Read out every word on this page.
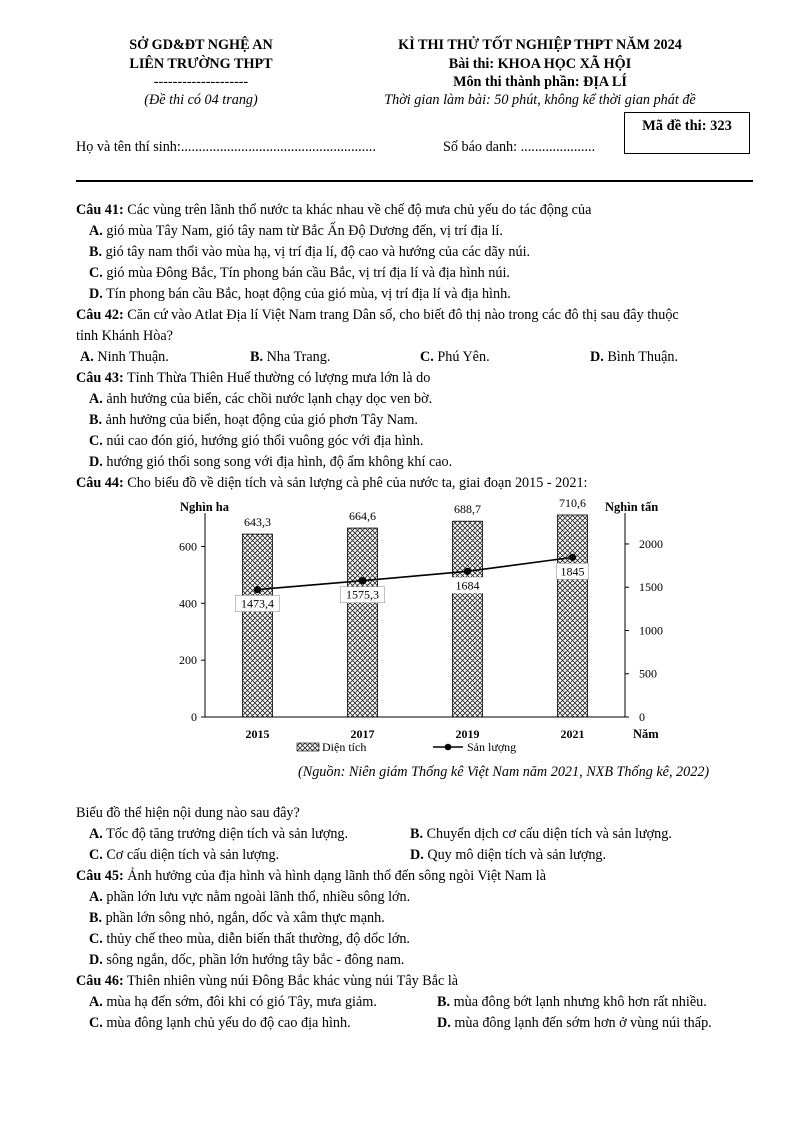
SỞ GD&ĐT NGHỆ AN
LIÊN TRƯỜNG THPT
--------------------
(Đề thi có 04 trang)
KÌ THI THỬ TỐT NGHIỆP THPT NĂM 2024
Bài thi: KHOA HỌC XÃ HỘI
Môn thi thành phần: ĐỊA LÍ
Thời gian làm bài: 50 phút, không kể thời gian phát đề
Mã đề thi: 323
Họ và tên thí sinh:.......................................................	Số báo danh: .....................
Câu 41: Các vùng trên lãnh thổ nước ta khác nhau về chế độ mưa chủ yếu do tác động của
A. gió mùa Tây Nam, gió tây nam từ Bắc Ấn Độ Dương đến, vị trí địa lí.
B. gió tây nam thổi vào mùa hạ, vị trí địa lí, độ cao và hướng của các dãy núi.
C. gió mùa Đông Bắc, Tín phong bán cầu Bắc, vị trí địa lí và địa hình núi.
D. Tín phong bán cầu Bắc, hoạt động của gió mùa, vị trí địa lí và địa hình.
Câu 42: Căn cứ vào Atlat Địa lí Việt Nam trang Dân số, cho biết đô thị nào trong các đô thị sau đây thuộc
tỉnh Khánh Hòa?
A. Ninh Thuận.	B. Nha Trang.	C. Phú Yên.	D. Bình Thuận.
Câu 43: Tỉnh Thừa Thiên Huế thường có lượng mưa lớn là do
A. ảnh hưởng của biển, các chồi nước lạnh chạy dọc ven bờ.
B. ảnh hưởng của biển, hoạt động của gió phơn Tây Nam.
C. núi cao đón gió, hướng gió thổi vuông góc với địa hình.
D. hướng gió thổi song song với địa hình, độ ẩm không khí cao.
Câu 44: Cho biểu đồ về diện tích và sản lượng cà phê của nước ta, giai đoạn 2015 - 2021:
0
200
400
600
0
500
1000
1500
2000
Nghìn ha	Nghìn tấn
Năm
643,3	664,6	688,7	710,6
2015	2017	2019	2021
1473,4
1575,3
1684
1845
Diện tích	Sản lượng
(Nguồn: Niên giám Thống kê Việt Nam năm 2021, NXB Thống kê, 2022)
Biểu đồ thể hiện nội dung nào sau đây?
A. Tốc độ tăng trưởng diện tích và sản lượng.	B. Chuyển dịch cơ cấu diện tích và sản lượng.
C. Cơ cấu diện tích và sản lượng.	D. Quy mô diện tích và sản lượng.
Câu 45: Ảnh hưởng của địa hình và hình dạng lãnh thổ đến sông ngòi Việt Nam là
A. phần lớn lưu vực nằm ngoài lãnh thổ, nhiều sông lớn.
B. phần lớn sông nhỏ, ngắn, dốc và xâm thực mạnh.
C. thủy chế theo mùa, diễn biến thất thường, độ dốc lớn.
D. sông ngắn, dốc, phần lớn hướng tây bắc - đông nam.
Câu 46: Thiên nhiên vùng núi Đông Bắc khác vùng núi Tây Bắc là
A. mùa hạ đến sớm, đôi khi có gió Tây, mưa giảm.	B. mùa đông bớt lạnh nhưng khô hơn rất nhiều.
C. mùa đông lạnh chủ yếu do độ cao địa hình.	D. mùa đông lạnh đến sớm hơn ở vùng núi thấp.
